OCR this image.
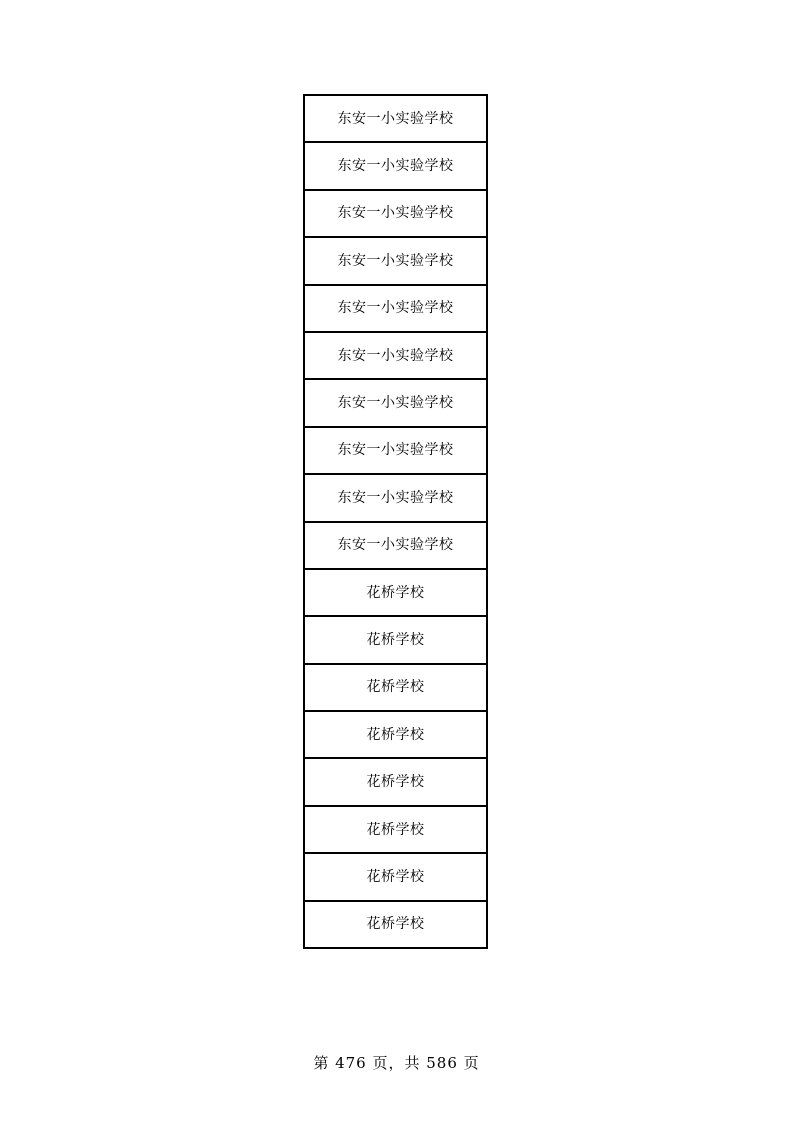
东安一小实验学校
东安一小实验学校
东安一小实验学校
东安一小实验学校
东安一小实验学校
东安一小实验学校
东安一小实验学校
东安一小实验学校
东安一小实验学校
东安一小实验学校
花桥学校
花桥学校
花桥学校
花桥学校
花桥学校
花桥学校
花桥学校
花桥学校
第 476 页，共 586 页
